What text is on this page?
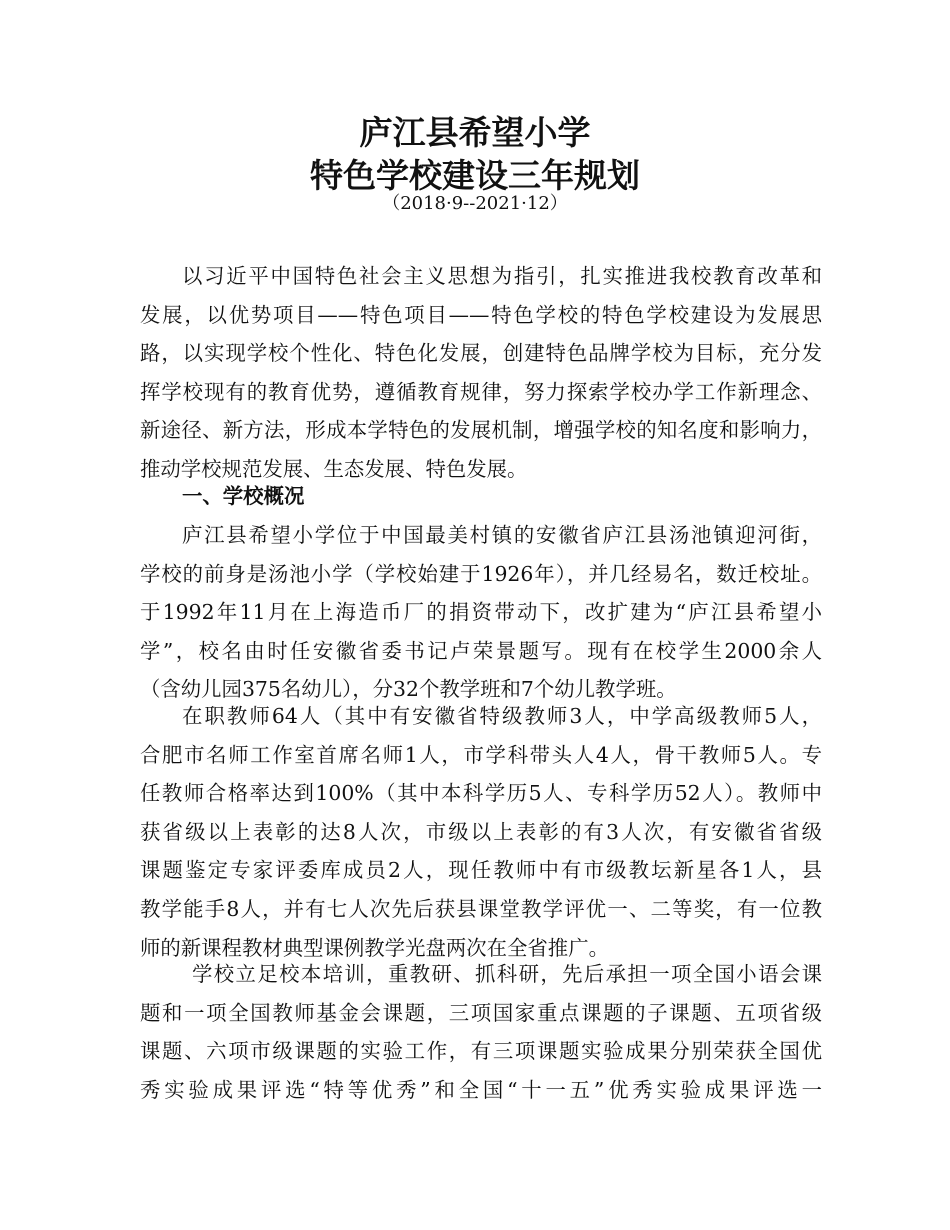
庐江县希望小学
特色学校建设三年规划
（2018·9--2021·12）
以习近平中国特色社会主义思想为指引，扎实推进我校教育改革和
发展，以优势项目——特色项目——特色学校的特色学校建设为发展思
路，以实现学校个性化、特色化发展，创建特色品牌学校为目标，充分发
挥学校现有的教育优势，遵循教育规律，努力探索学校办学工作新理念、
新途径、新方法，形成本学特色的发展机制，增强学校的知名度和影响力，
推动学校规范发展、生态发展、特色发展。
一、学校概况
庐江县希望小学位于中国最美村镇的安徽省庐江县汤池镇迎河街，
学校的前身是汤池小学（学校始建于1926年），并几经易名，数迁校址。
于1992年11月在上海造币厂的捐资带动下，改扩建为“庐江县希望小
学”，校名由时任安徽省委书记卢荣景题写。现有在校学生2000余人
（含幼儿园375名幼儿），分32个教学班和7个幼儿教学班。
在职教师64人（其中有安徽省特级教师3人，中学高级教师5人，
合肥市名师工作室首席名师1人，市学科带头人4人，骨干教师5人。专
任教师合格率达到100%（其中本科学历5人、专科学历52人）。教师中
获省级以上表彰的达8人次，市级以上表彰的有3人次，有安徽省省级
课题鉴定专家评委库成员2人，现任教师中有市级教坛新星各1人，县
教学能手8人，并有七人次先后获县课堂教学评优一、二等奖，有一位教
师的新课程教材典型课例教学光盘两次在全省推广。
学校立足校本培训，重教研、抓科研，先后承担一项全国小语会课
题和一项全国教师基金会课题，三项国家重点课题的子课题、五项省级
课题、六项市级课题的实验工作，有三项课题实验成果分别荣获全国优
秀实验成果评选“特等优秀”和全国“十一五”优秀实验成果评选一
